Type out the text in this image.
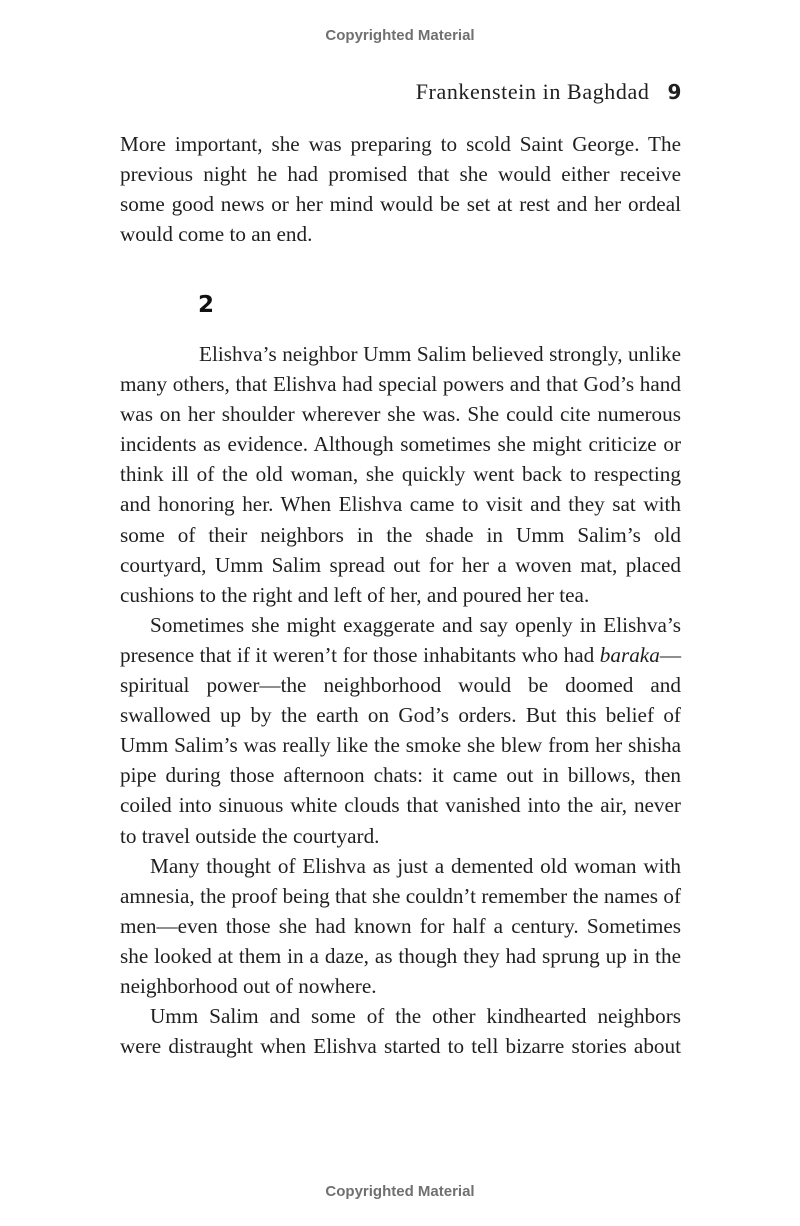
Copyrighted Material
Frankenstein in Baghdad 9

More important, she was preparing to scold Saint George. The previous night he had promised that she would either receive some good news or her mind would be set at rest and her ordeal would come to an end.

2

Elishva’s neighbor Umm Salim believed strongly, unlike many others, that Elishva had special powers and that God’s hand was on her shoulder wherever she was. She could cite numerous incidents as evidence. Although sometimes she might criticize or think ill of the old woman, she quickly went back to respecting and honoring her. When Elishva came to visit and they sat with some of their neighbors in the shade in Umm Salim’s old courtyard, Umm Salim spread out for her a woven mat, placed cushions to the right and left of her, and poured her tea.

Sometimes she might exaggerate and say openly in Elishva’s presence that if it weren’t for those inhabitants who had baraka—spiritual power—the neighborhood would be doomed and swallowed up by the earth on God’s orders. But this belief of Umm Salim’s was really like the smoke she blew from her shisha pipe during those afternoon chats: it came out in billows, then coiled into sinuous white clouds that vanished into the air, never to travel outside the courtyard.

Many thought of Elishva as just a demented old woman with amnesia, the proof being that she couldn’t remember the names of men—even those she had known for half a century. Sometimes she looked at them in a daze, as though they had sprung up in the neighborhood out of nowhere.

Umm Salim and some of the other kindhearted neighbors were distraught when Elishva started to tell bizarre stories about

Copyrighted Material
